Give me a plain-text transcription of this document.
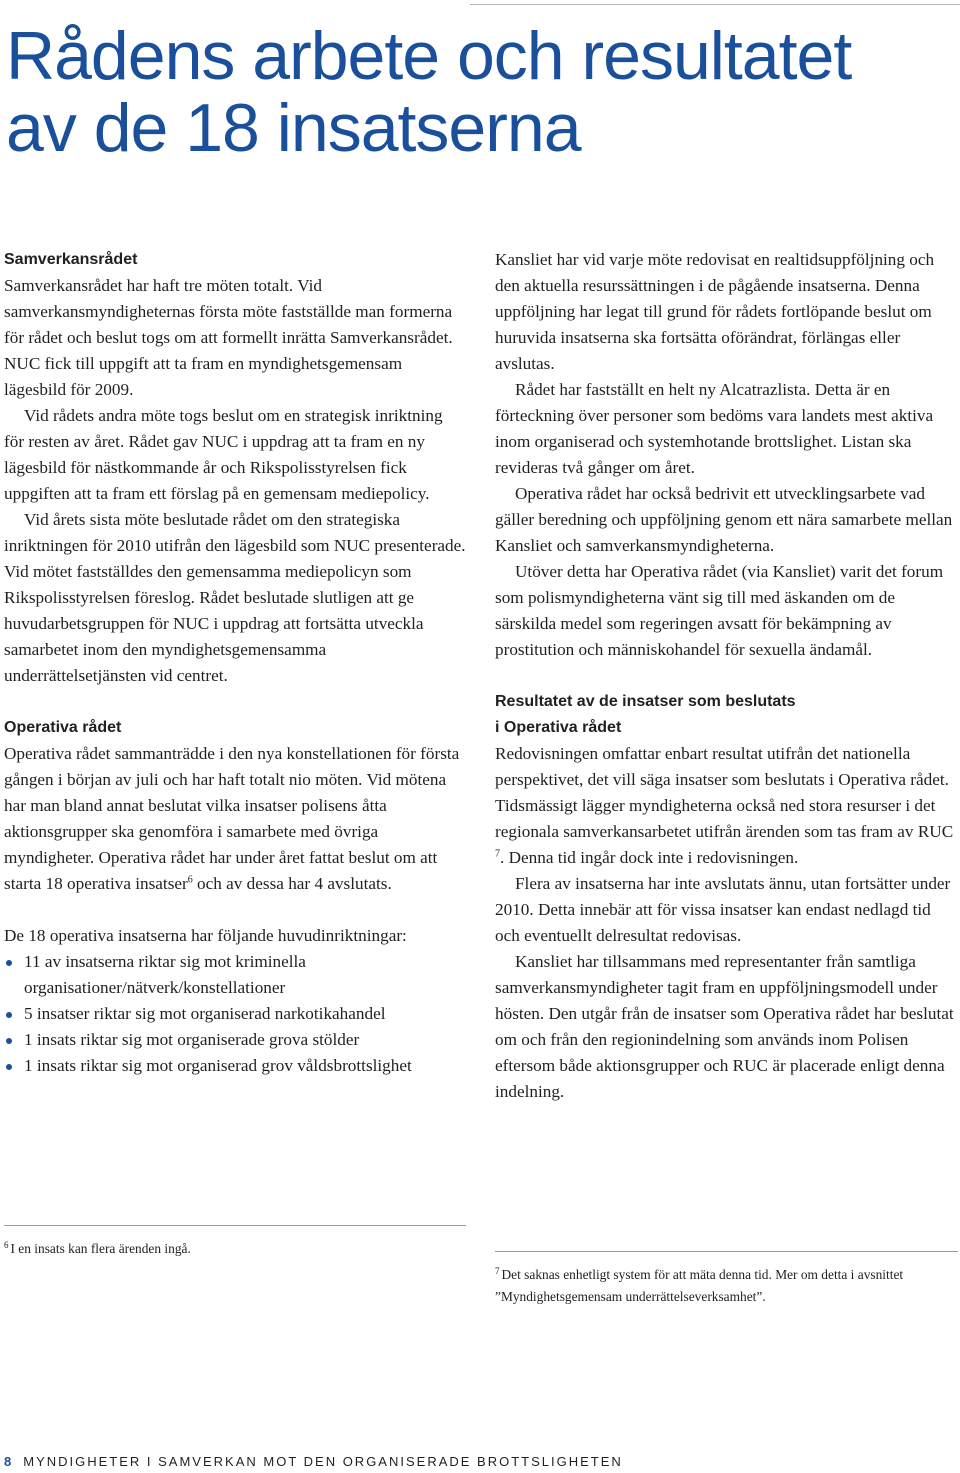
Rådens arbete och resultatet
av de 18 insatserna
Samverkansrådet

Samverkansrådet har haft tre möten totalt. Vid samverkansmyndigheternas första möte fastställde man formerna för rådet och beslut togs om att formellt inrätta Samverkansrådet. NUC fick till uppgift att ta fram en myndighetsgemensam lägesbild för 2009.

Vid rådets andra möte togs beslut om en strategisk inriktning för resten av året. Rådet gav NUC i uppdrag att ta fram en ny lägesbild för nästkommande år och Rikspolisstyrelsen fick uppgiften att ta fram ett förslag på en gemensam mediepolicy.

Vid årets sista möte beslutade rådet om den strategiska inriktningen för 2010 utifrån den lägesbild som NUC presenterade. Vid mötet fastställdes den gemensamma mediepolicyn som Rikspolisstyrelsen föreslog. Rådet beslutade slutligen att ge huvudarbetsgruppen för NUC i uppdrag att fortsätta utveckla samarbetet inom den myndighetsgemensamma underrättelsetjänsten vid centret.

Operativa rådet

Operativa rådet sammanträdde i den nya konstellationen för första gången i början av juli och har haft totalt nio möten. Vid mötena har man bland annat beslutat vilka insatser polisens åtta aktionsgrupper ska genomföra i samarbete med övriga myndigheter. Operativa rådet har under året fattat beslut om att starta 18 operativa insatser$^6$ och av dessa har 4 avslutats.

De 18 operativa insatserna har följande huvudinriktningar:

11 av insatserna riktar sig mot kriminella organisationer/nätverk/konstellationer
5 insatser riktar sig mot organiserad narkotikahandel
1 insats riktar sig mot organiserade grova stölder
1 insats riktar sig mot organiserad grov våldsbrottslighet

Kansliet har vid varje möte redovisat en realtidsuppföljning och den aktuella resurssättningen i de pågående insatserna. Denna uppföljning har legat till grund för rådets fortlöpande beslut om huruvida insatserna ska fortsätta oförändrat, förlängas eller avslutas.

Rådet har fastställt en helt ny Alcatrazlista. Detta är en förteckning över personer som bedöms vara landets mest aktiva inom organiserad och systemhotande brottslighet. Listan ska revideras två gånger om året.

Operativa rådet har också bedrivit ett utvecklingsarbete vad gäller beredning och uppföljning genom ett nära samarbete mellan Kansliet och samverkansmyndigheterna.

Utöver detta har Operativa rådet (via Kansliet) varit det forum som polismyndigheterna vänt sig till med äskanden om de särskilda medel som regeringen avsatt för bekämpning av prostitution och människohandel för sexuella ändamål.

Resultatet av de insatser som beslutats
i Operativa rådet

Redovisningen omfattar enbart resultat utifrån det nationella perspektivet, det vill säga insatser som beslutats i Operativa rådet. Tidsmässigt lägger myndigheterna också ned stora resurser i det regionala samverkansarbetet utifrån ärenden som tas fram av RUC $^7$. Denna tid ingår dock inte i redovisningen.

Flera av insatserna har inte avslutats ännu, utan fortsätter under 2010. Detta innebär att för vissa insatser kan endast nedlagd tid och eventuellt delresultat redovisas.

Kansliet har tillsammans med representanter från samtliga samverkansmyndigheter tagit fram en uppföljningsmodell under hösten. Den utgår från de insatser som Operativa rådet har beslutat om och från den regionindelning som används inom Polisen eftersom både aktionsgrupper och RUC är placerade enligt denna indelning.

$^6$ I en insats kan flera ärenden ingå.
$^7$ Det saknas enhetligt system för att mäta denna tid. Mer om detta i avsnittet ”Myndighetsgemensam underrättelseverksamhet”.
8 MYNDIGHETER I SAMVERKAN MOT DEN ORGANISERADE BROTTSLIGHETEN
